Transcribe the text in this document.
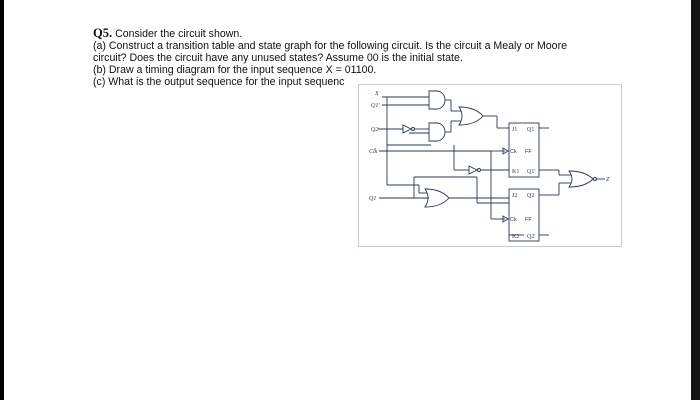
Q5. Consider the circuit shown.

(a) Construct a transition table and state graph for the following circuit. Is the circuit a Mealy or Moore

circuit? Does the circuit have any unused states? Assume 00 is the initial state.

(b) Draw a timing diagram for the input sequence X = 01100.

(c) What is the output sequence for the input sequenc

X
Q1'
Q2
Clk
Q1
J1 Q1
Ck FF
K1 Q1'
J2 Q2
Ck FF
K2 Q2'
Z
